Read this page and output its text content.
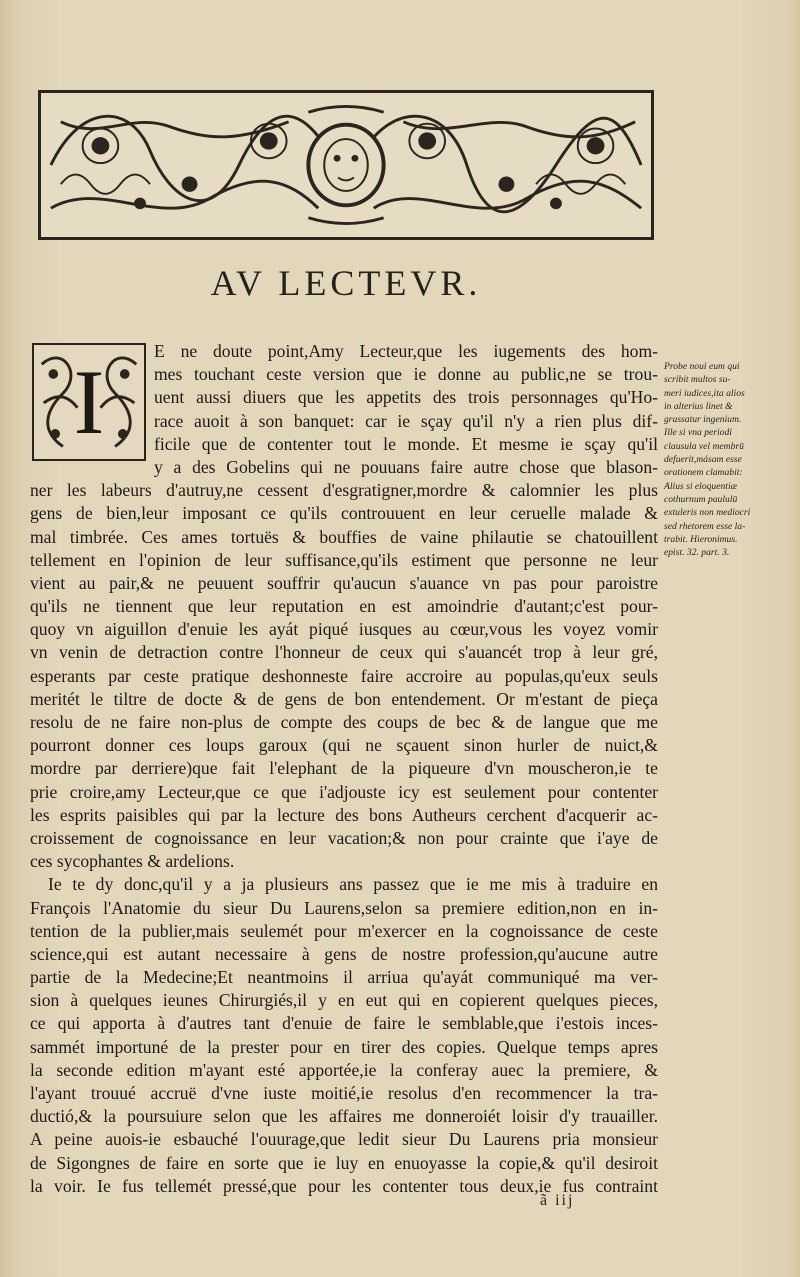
AV LECTEVR.
I	E ne doute point,Amy Lecteur,que les iugements des hom-
mes touchant ceste version que ie donne au public,ne se trou-
uent aussi diuers que les appetits des trois personnages qu'Ho-
race auoit à son banquet: car ie sçay qu'il n'y a rien plus dif-
ficile que de contenter tout le monde. Et mesme ie sçay qu'il
y a des Gobelins qui ne pouuans faire autre chose que blason-
ner les labeurs d'autruy,ne cessent d'esgratigner,mordre & calomnier les plus
gens de bien,leur imposant ce qu'ils controuuent en leur ceruelle malade &
mal timbrée. Ces ames tortuës & bouffies de vaine philautie se chatouillent
tellement en l'opinion de leur suffisance,qu'ils estiment que personne ne leur
vient au pair,& ne peuuent souffrir qu'aucun s'auance vn pas pour paroistre
qu'ils ne tiennent que leur reputation en est amoindrie d'autant;c'est pour-
quoy vn aiguillon d'enuie les ayát piqué iusques au cœur,vous les voyez vomir
vn venin de detraction contre l'honneur de ceux qui s'auancét trop à leur gré,
esperants par ceste pratique deshonneste faire accroire au populas,qu'eux seuls
meritét le tiltre de docte & de gens de bon entendement. Or m'estant de pieça
resolu de ne faire non-plus de compte des coups de bec & de langue que me
pourront donner ces loups garoux (qui ne sçauent sinon hurler de nuict,&
mordre par derriere)que fait l'elephant de la piqueure d'vn mouscheron,ie te
prie croire,amy Lecteur,que ce que i'adjouste icy est seulement pour contenter
les esprits paisibles qui par la lecture des bons Autheurs cerchent d'acquerir ac-
croissement de cognoissance en leur vacation;& non pour crainte que i'aye de
ces sycophantes & ardelions.
Ie te dy donc,qu'il y a ja plusieurs ans passez que ie me mis à traduire en
François l'Anatomie du sieur Du Laurens,selon sa premiere edition,non en in-
tention de la publier,mais seulemét pour m'exercer en la cognoissance de ceste
science,qui est autant necessaire à gens de nostre profession,qu'aucune autre
partie de la Medecine;Et neantmoins il arriua qu'ayát communiqué ma ver-
sion à quelques ieunes Chirurgiés,il y en eut qui en copierent quelques pieces,
ce qui apporta à d'autres tant d'enuie de faire le semblable,que i'estois inces-
sammét importuné de la prester pour en tirer des copies. Quelque temps apres
la seconde edition m'ayant esté apportée,ie la conferay auec la premiere, &
l'ayant trouué accruë d'vne iuste moitié,ie resolus d'en recommencer la tra-
ductió,& la poursuiure selon que les affaires me donneroiét loisir d'y trauailler.
A peine auois-ie esbauché l'ouurage,que ledit sieur Du Laurens pria monsieur
de Sigongnes de faire en sorte que ie luy en enuoyasse la copie,& qu'il desiroit
la voir. Ie fus tellemét pressé,que pour les contenter tous deux,ie fus contraint
Probe noui eum qui
scribit multos su-
meri iudices,ita alios
in alterius linet &
grassatur ingenium.
Ille si vna periodi
clausula vel membrū
defuerit,másam esse
orationem clamabit:
Alius si eloquentiæ
cothurnum paululū
extuleris non mediocri
sed rhetorem esse la-
trabit. Hieronimus.
epist. 32. part. 3.
ã iij
